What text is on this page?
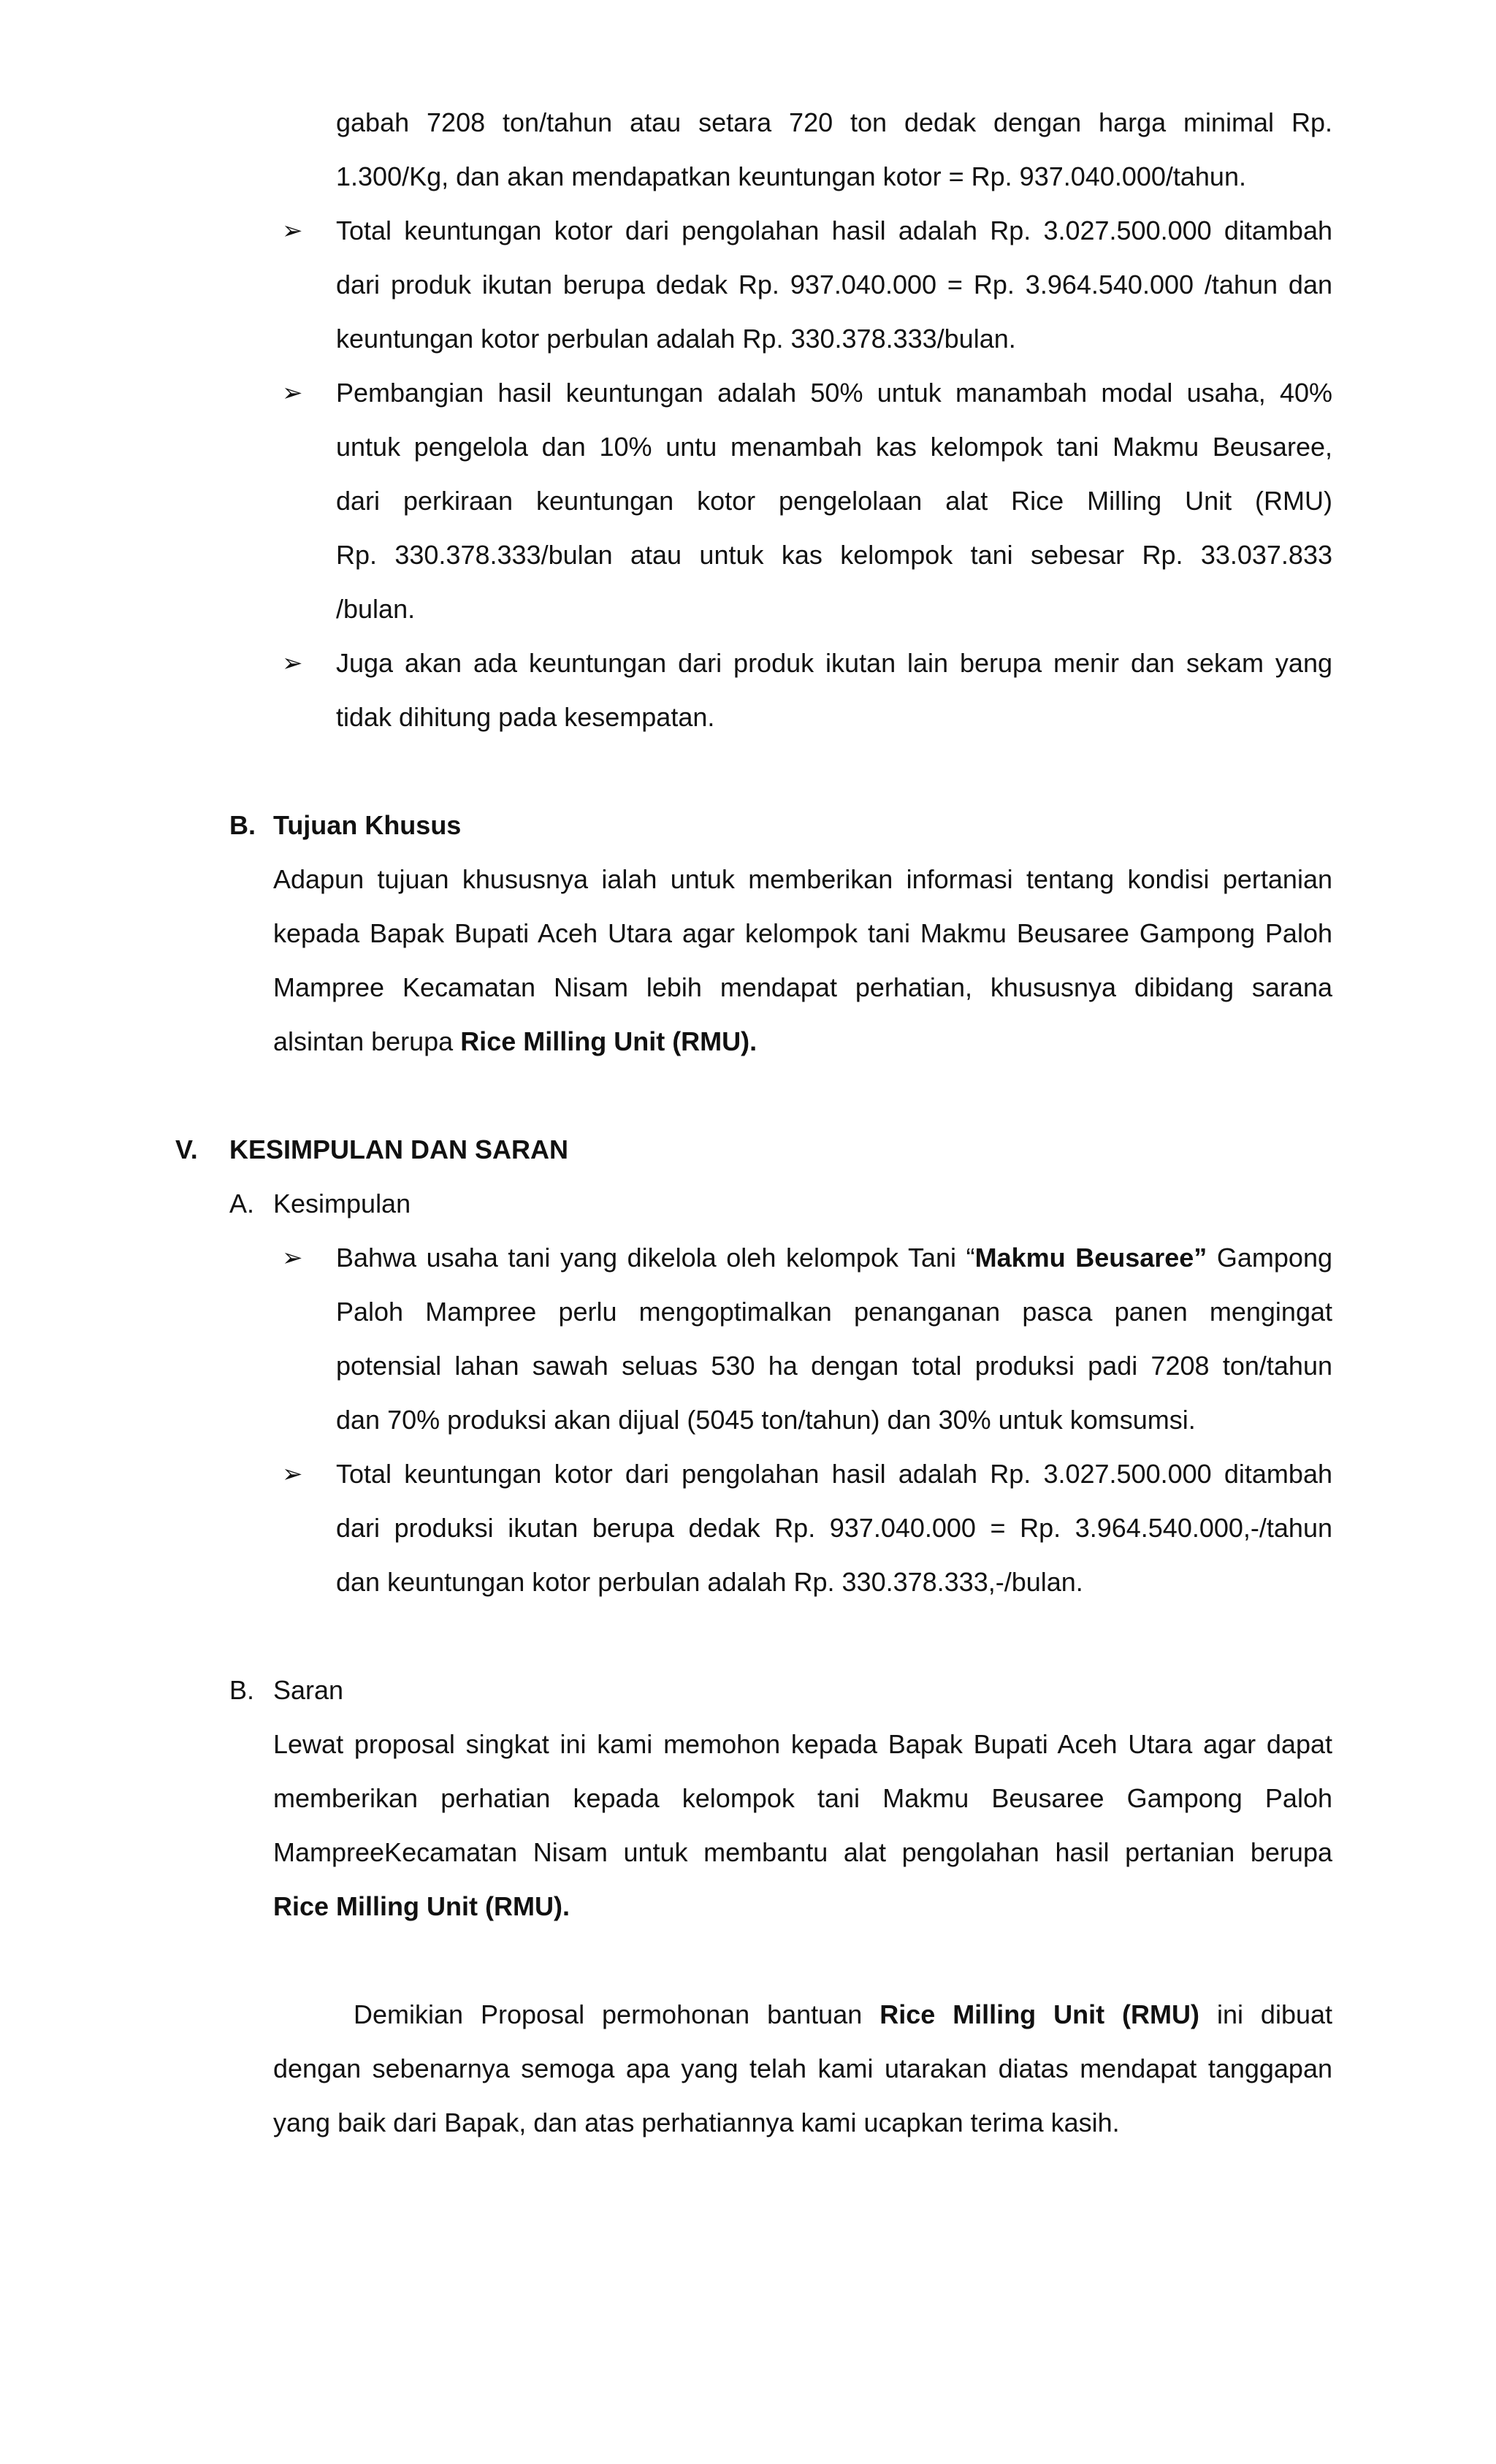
gabah 7208 ton/tahun atau setara 720 ton dedak dengan harga minimal Rp.
1.300/Kg, dan akan mendapatkan keuntungan kotor = Rp. 937.040.000/tahun.
➢ Total keuntungan kotor dari pengolahan hasil adalah Rp. 3.027.500.000 ditambah
dari produk ikutan berupa dedak Rp. 937.040.000 = Rp. 3.964.540.000 /tahun dan
keuntungan kotor perbulan adalah Rp. 330.378.333/bulan.
➢ Pembangian hasil keuntungan adalah 50% untuk manambah modal usaha, 40%
untuk pengelola dan 10% untu menambah kas kelompok tani Makmu Beusaree,
dari perkiraan keuntungan kotor pengelolaan alat Rice Milling Unit (RMU)
Rp. 330.378.333/bulan atau untuk kas kelompok tani sebesar Rp. 33.037.833
/bulan.
➢ Juga akan ada keuntungan dari produk ikutan lain berupa menir dan sekam yang
tidak dihitung pada kesempatan.
B. Tujuan Khusus
Adapun tujuan khususnya ialah untuk memberikan informasi tentang kondisi pertanian
kepada Bapak Bupati Aceh Utara agar kelompok tani Makmu Beusaree Gampong Paloh
Mampree Kecamatan Nisam lebih mendapat perhatian, khususnya dibidang sarana
alsintan berupa Rice Milling Unit (RMU).
V. KESIMPULAN DAN SARAN
A. Kesimpulan
➢ Bahwa usaha tani yang dikelola oleh kelompok Tani “Makmu Beusaree” Gampong
Paloh Mampree perlu mengoptimalkan penanganan pasca panen mengingat
potensial lahan sawah seluas 530 ha dengan total produksi padi 7208 ton/tahun
dan 70% produksi akan dijual (5045 ton/tahun) dan 30% untuk komsumsi.
➢ Total keuntungan kotor dari pengolahan hasil adalah Rp. 3.027.500.000 ditambah
dari produksi ikutan berupa dedak Rp. 937.040.000 = Rp. 3.964.540.000,-/tahun
dan keuntungan kotor perbulan adalah Rp. 330.378.333,-/bulan.
B. Saran
Lewat proposal singkat ini kami memohon kepada Bapak Bupati Aceh Utara agar dapat
memberikan perhatian kepada kelompok tani Makmu Beusaree Gampong Paloh
MampreeKecamatan Nisam untuk membantu alat pengolahan hasil pertanian berupa
Rice Milling Unit (RMU).
Demikian Proposal permohonan bantuan Rice Milling Unit (RMU) ini dibuat
dengan sebenarnya semoga apa yang telah kami utarakan diatas mendapat tanggapan
yang baik dari Bapak, dan atas perhatiannya kami ucapkan terima kasih.
